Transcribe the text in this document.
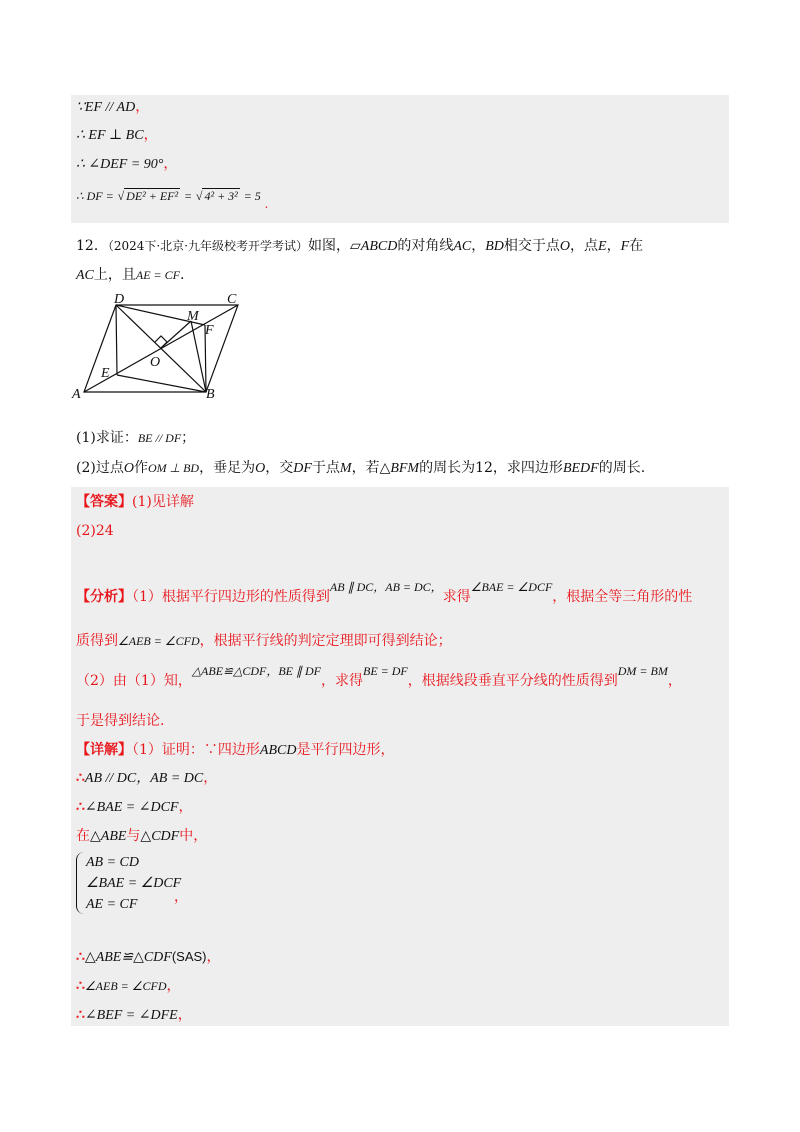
∵EF // AD，
∴ EF ⊥ BC，
∴ ∠DEF = 90°，
∴ DF = √ DE² + EF² = √ 4² + 3² = 5 .
12．（2024下·北京·九年级校考开学考试）如图，▱ABCD的对角线AC，BD相交于点O，点E，F在
AC上，且AE = CF.
D	C
M
F
O
E
A	B
(1)求证：BE // DF；
(2)过点O作OM ⊥ BD，垂足为O，交DF于点M，若△BFM的周长为12，求四边形BEDF的周长.
【答案】(1)见详解
(2)24
【分析】（1）根据平行四边形的性质得到AB ∥ DC，AB = DC，求得∠BAE = ∠DCF，根据全等三角形的性
质得到∠AEB = ∠CFD，根据平行线的判定定理即可得到结论；
（2）由（1）知，△ABE≌△CDF，BE ∥ DF，求得BE = DF，根据线段垂直平分线的性质得到DM = BM，
于是得到结论.
【详解】（1）证明：∵四边形ABCD是平行四边形，
∴AB // DC，AB = DC，
∴∠BAE = ∠DCF，
在△ABE与△CDF中，
AB = CD
∠BAE = ∠DCF
AE = CF	，
∴△ABE≌△CDF(SAS)，
∴∠AEB = ∠CFD，
∴∠BEF = ∠DFE，
